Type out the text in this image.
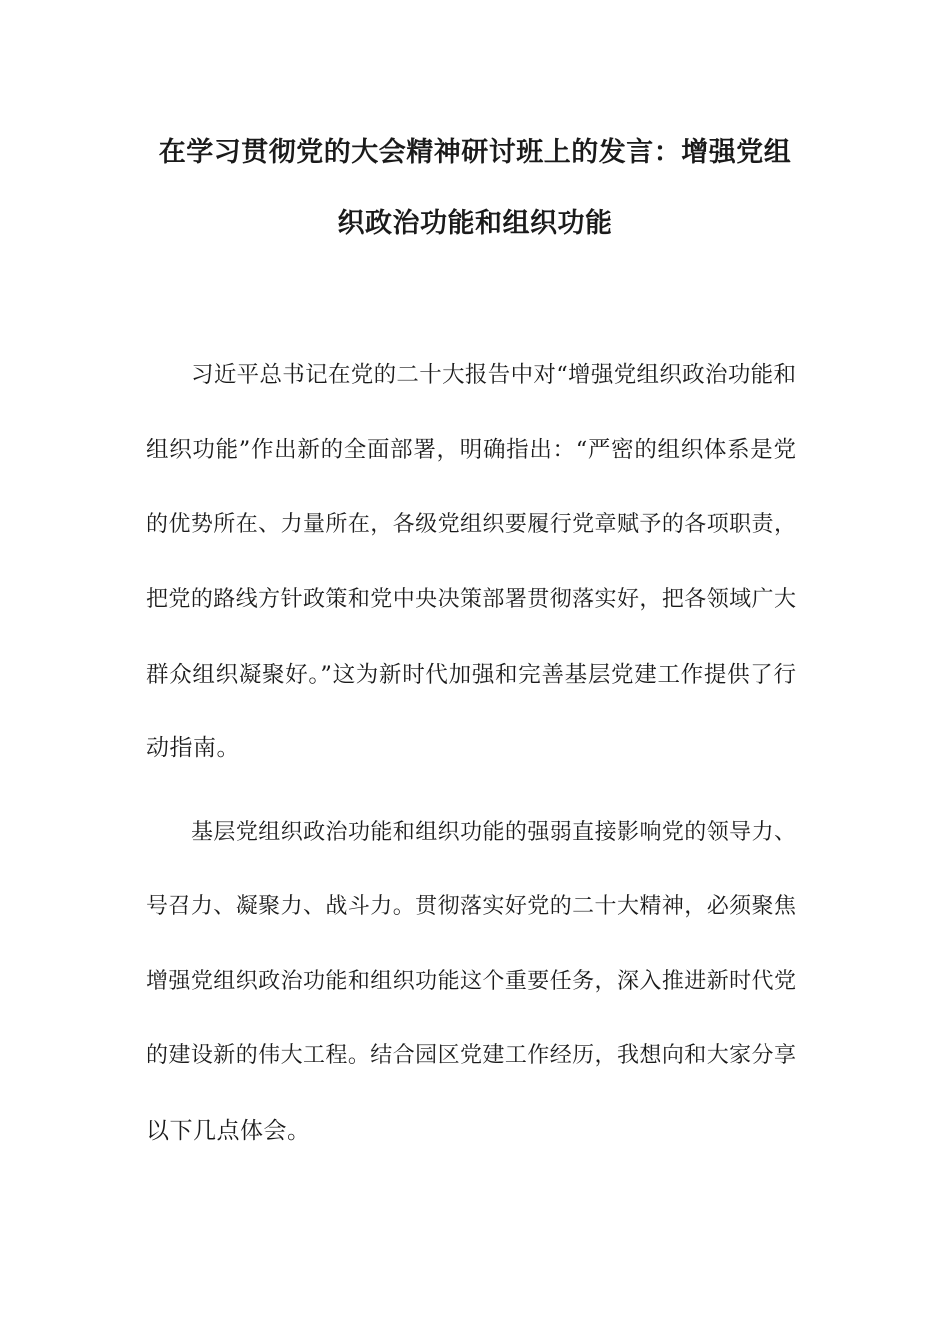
在学习贯彻党的大会精神研讨班上的发言：增强党组
织政治功能和组织功能
习近平总书记在党的二十大报告中对“增强党组织政治功能和
组织功能”作出新的全面部署，明确指出：“严密的组织体系是党
的优势所在、力量所在，各级党组织要履行党章赋予的各项职责，
把党的路线方针政策和党中央决策部署贯彻落实好，把各领域广大
群众组织凝聚好。”这为新时代加强和完善基层党建工作提供了行
动指南。
基层党组织政治功能和组织功能的强弱直接影响党的领导力、
号召力、凝聚力、战斗力。贯彻落实好党的二十大精神，必须聚焦
增强党组织政治功能和组织功能这个重要任务，深入推进新时代党
的建设新的伟大工程。结合园区党建工作经历，我想向和大家分享
以下几点体会。
